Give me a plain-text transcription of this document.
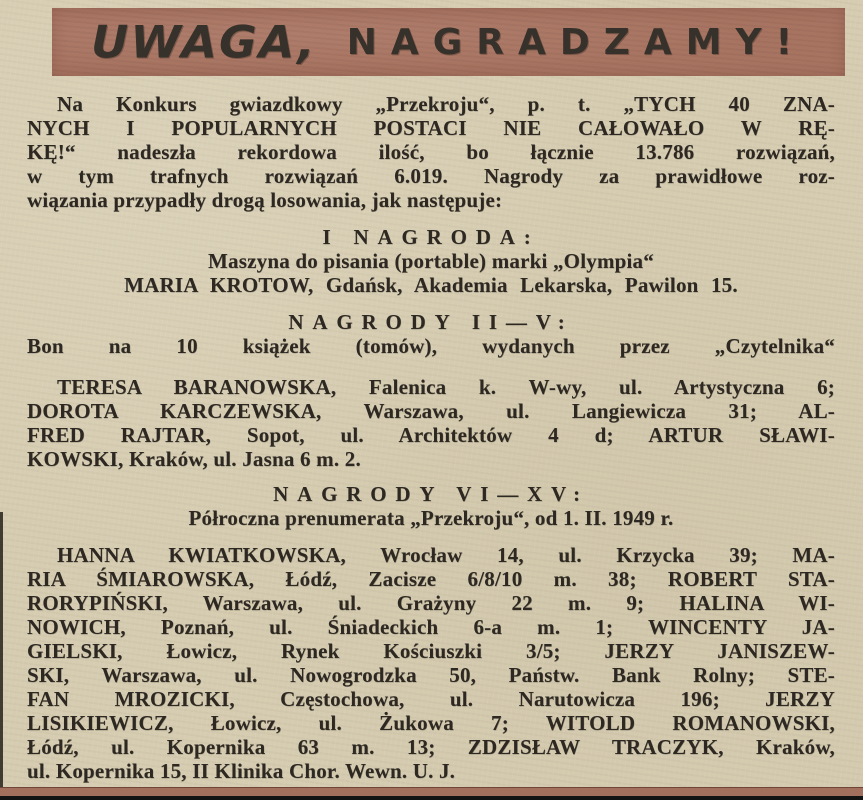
UWAGA, NAGRADZAMY!
Na Konkurs gwiazdkowy „Przekroju“, p. t. „TYCH 40 ZNA-
NYCH I POPULARNYCH POSTACI NIE CAŁOWAŁO W RĘ-
KĘ!“ nadeszła rekordowa ilość, bo łącznie 13.786 rozwiązań,
w tym trafnych rozwiązań 6.019. Nagrody za prawidłowe roz-
wiązania przypadły drogą losowania, jak następuje:
I NAGRODA:
Maszyna do pisania (portable) marki „Olympia“
MARIA KROTOW, Gdańsk, Akademia Lekarska, Pawilon 15.
NAGRODY II—V:
Bon na 10 książek (tomów), wydanych przez „Czytelnika“
TERESA BARANOWSKA, Falenica k. W-wy, ul. Artystyczna 6;
DOROTA KARCZEWSKA, Warszawa, ul. Langiewicza 31; AL-
FRED RAJTAR, Sopot, ul. Architektów 4 d; ARTUR SŁAWI-
KOWSKI, Kraków, ul. Jasna 6 m. 2.
NAGRODY VI—XV:
Półroczna prenumerata „Przekroju“, od 1. II. 1949 r.
HANNA KWIATKOWSKA, Wrocław 14, ul. Krzycka 39; MA-
RIA ŚMIAROWSKA, Łódź, Zacisze 6/8/10 m. 38; ROBERT STA-
RORYPIŃSKI, Warszawa, ul. Grażyny 22 m. 9; HALINA WI-
NOWICH, Poznań, ul. Śniadeckich 6-a m. 1; WINCENTY JA-
GIELSKI, Łowicz, Rynek Kościuszki 3/5; JERZY JANISZEW-
SKI, Warszawa, ul. Nowogrodzka 50, Państw. Bank Rolny; STE-
FAN MROZICKI, Częstochowa, ul. Narutowicza 196; JERZY
LISIKIEWICZ, Łowicz, ul. Żukowa 7; WITOLD ROMANOWSKI,
Łódź, ul. Kopernika 63 m. 13; ZDZISŁAW TRACZYK, Kraków,
ul. Kopernika 15, II Klinika Chor. Wewn. U. J.
